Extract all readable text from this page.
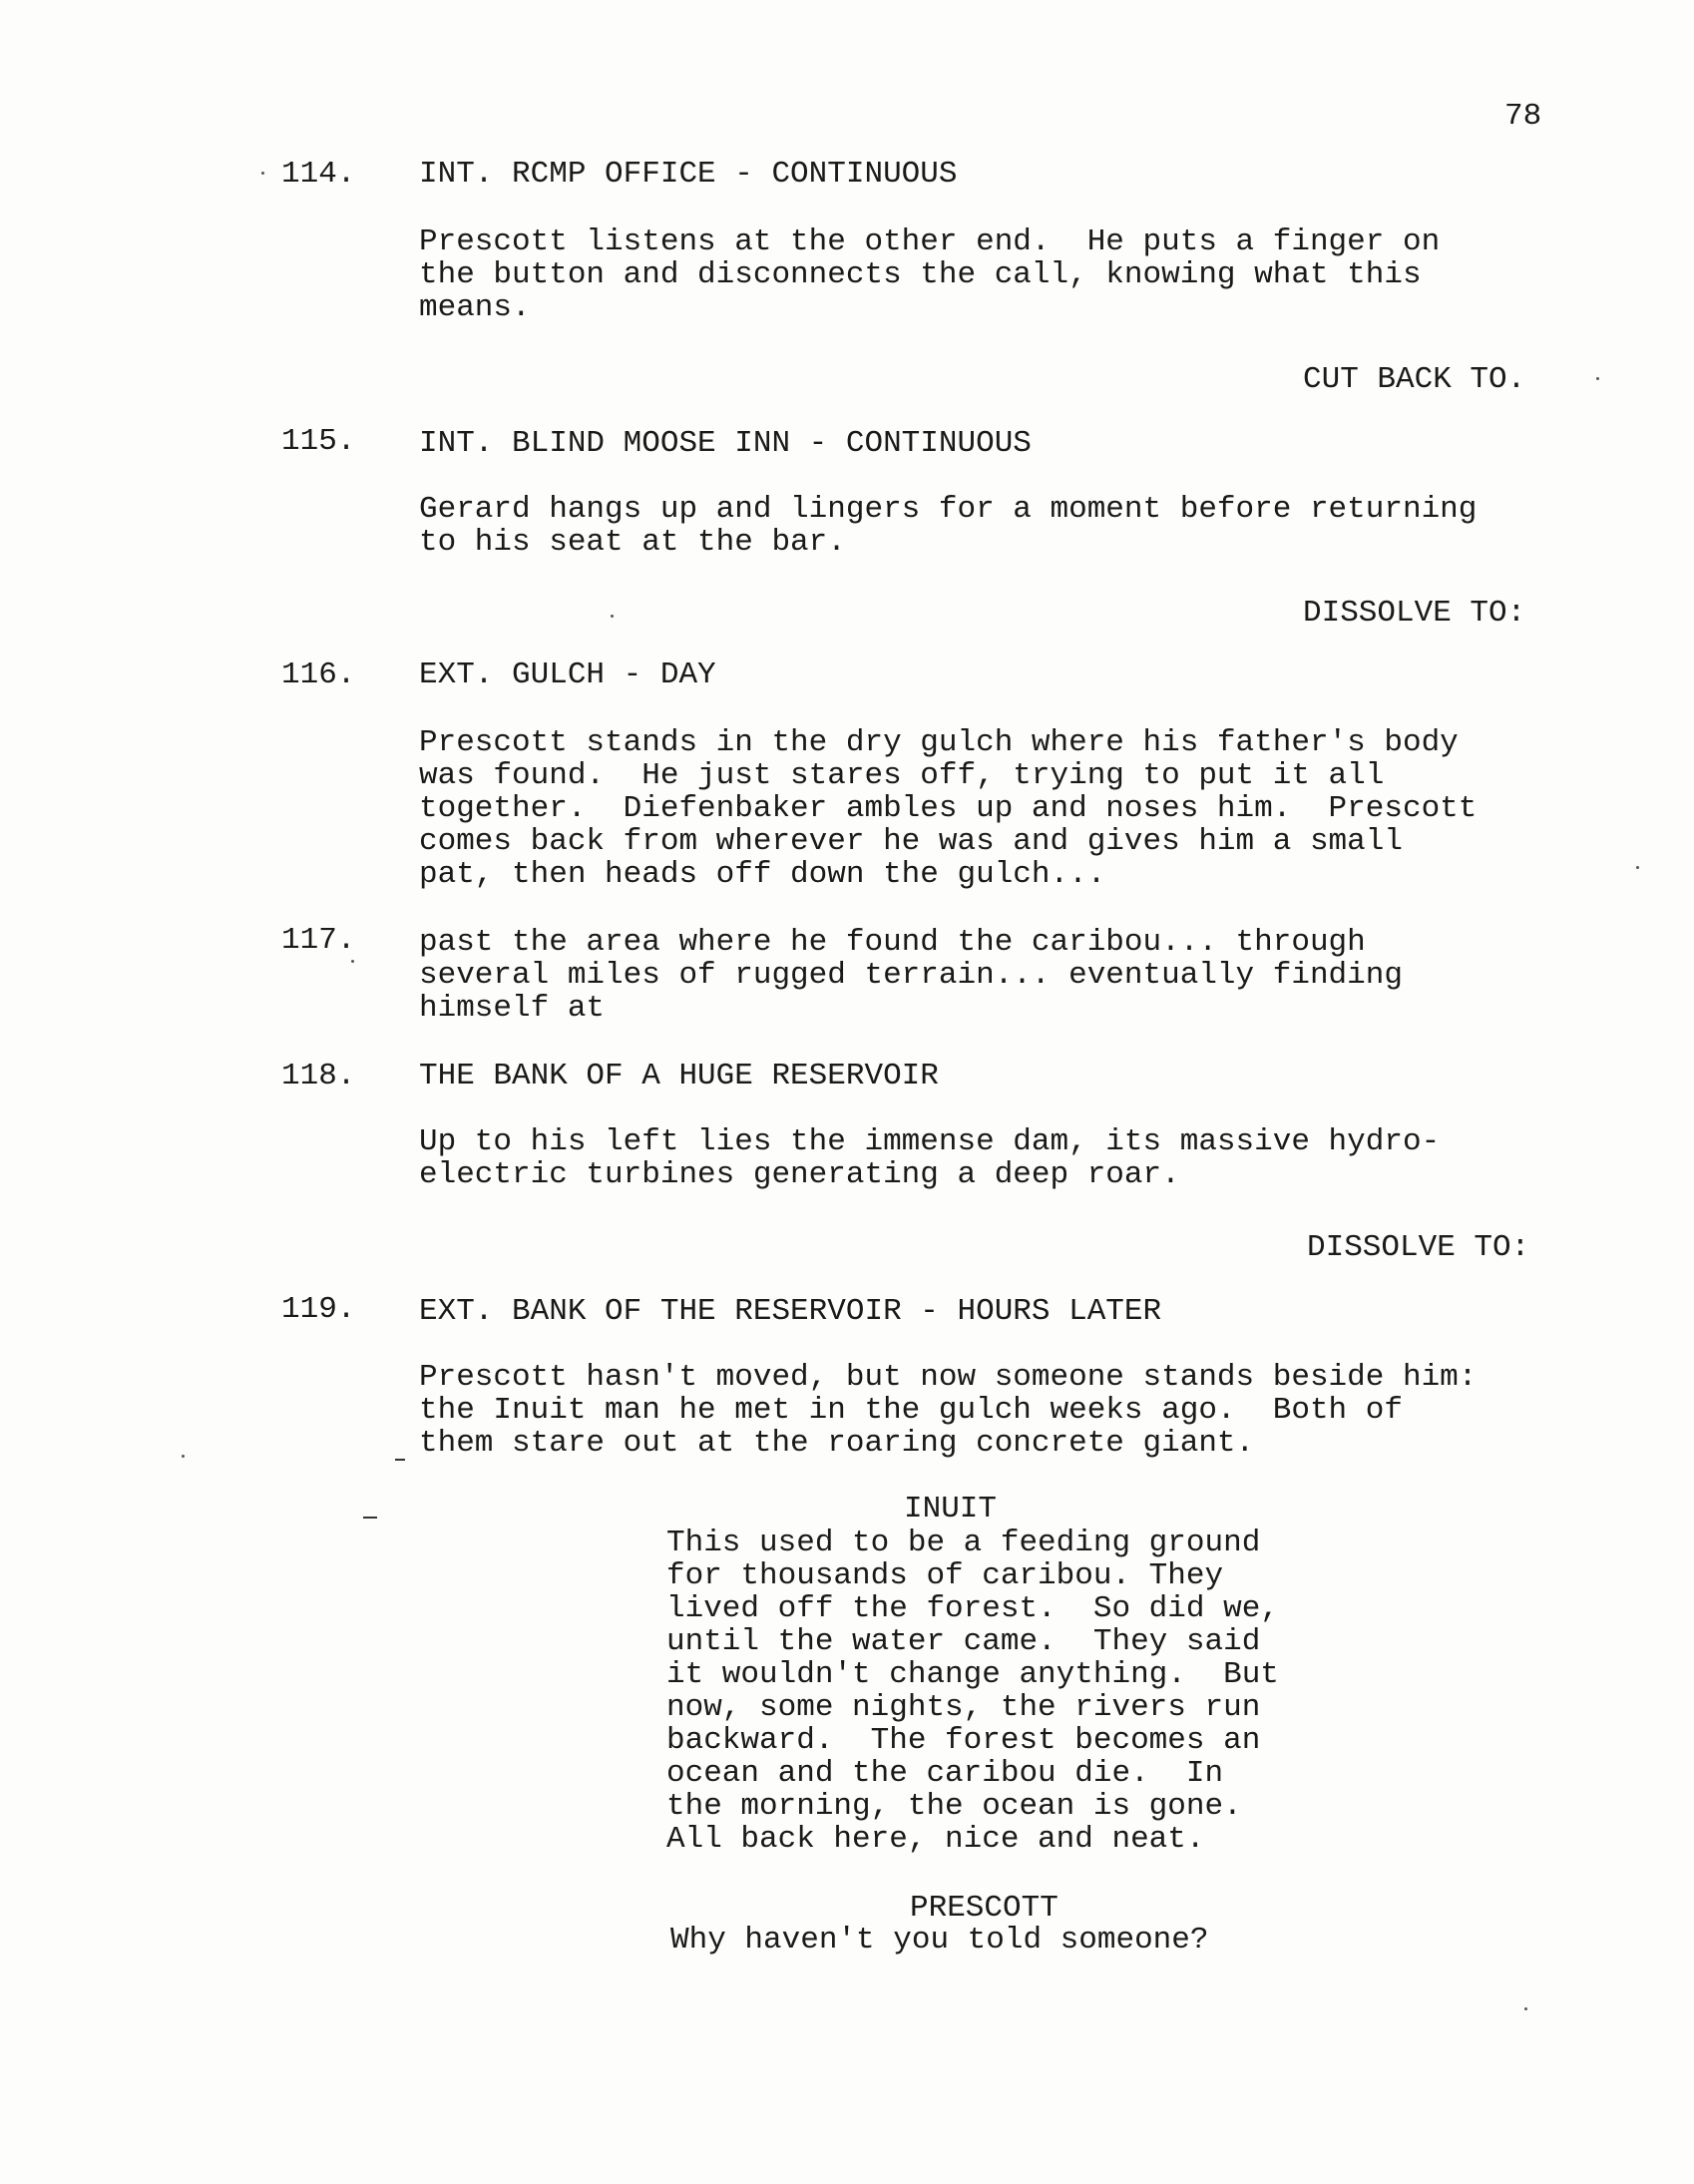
78
114. INT. RCMP OFFICE - CONTINUOUS
Prescott listens at the other end.  He puts a finger on
the button and disconnects the call, knowing what this
means.
CUT BACK TO.
115. INT. BLIND MOOSE INN - CONTINUOUS
Gerard hangs up and lingers for a moment before returning
to his seat at the bar.
DISSOLVE TO:
116. EXT. GULCH - DAY
Prescott stands in the dry gulch where his father's body
was found.  He just stares off, trying to put it all
together.  Diefenbaker ambles up and noses him.  Prescott
comes back from wherever he was and gives him a small
pat, then heads off down the gulch...
117. past the area where he found the caribou... through
several miles of rugged terrain... eventually finding
himself at
118. THE BANK OF A HUGE RESERVOIR
Up to his left lies the immense dam, its massive hydro-
electric turbines generating a deep roar.
DISSOLVE TO:
119. EXT. BANK OF THE RESERVOIR - HOURS LATER
Prescott hasn't moved, but now someone stands beside him:
the Inuit man he met in the gulch weeks ago.  Both of
them stare out at the roaring concrete giant.
INUIT
This used to be a feeding ground
for thousands of caribou. They
lived off the forest.  So did we,
until the water came.  They said
it wouldn't change anything.  But
now, some nights, the rivers run
backward.  The forest becomes an
ocean and the caribou die.  In
the morning, the ocean is gone.
All back here, nice and neat.
PRESCOTT
Why haven't you told someone?
